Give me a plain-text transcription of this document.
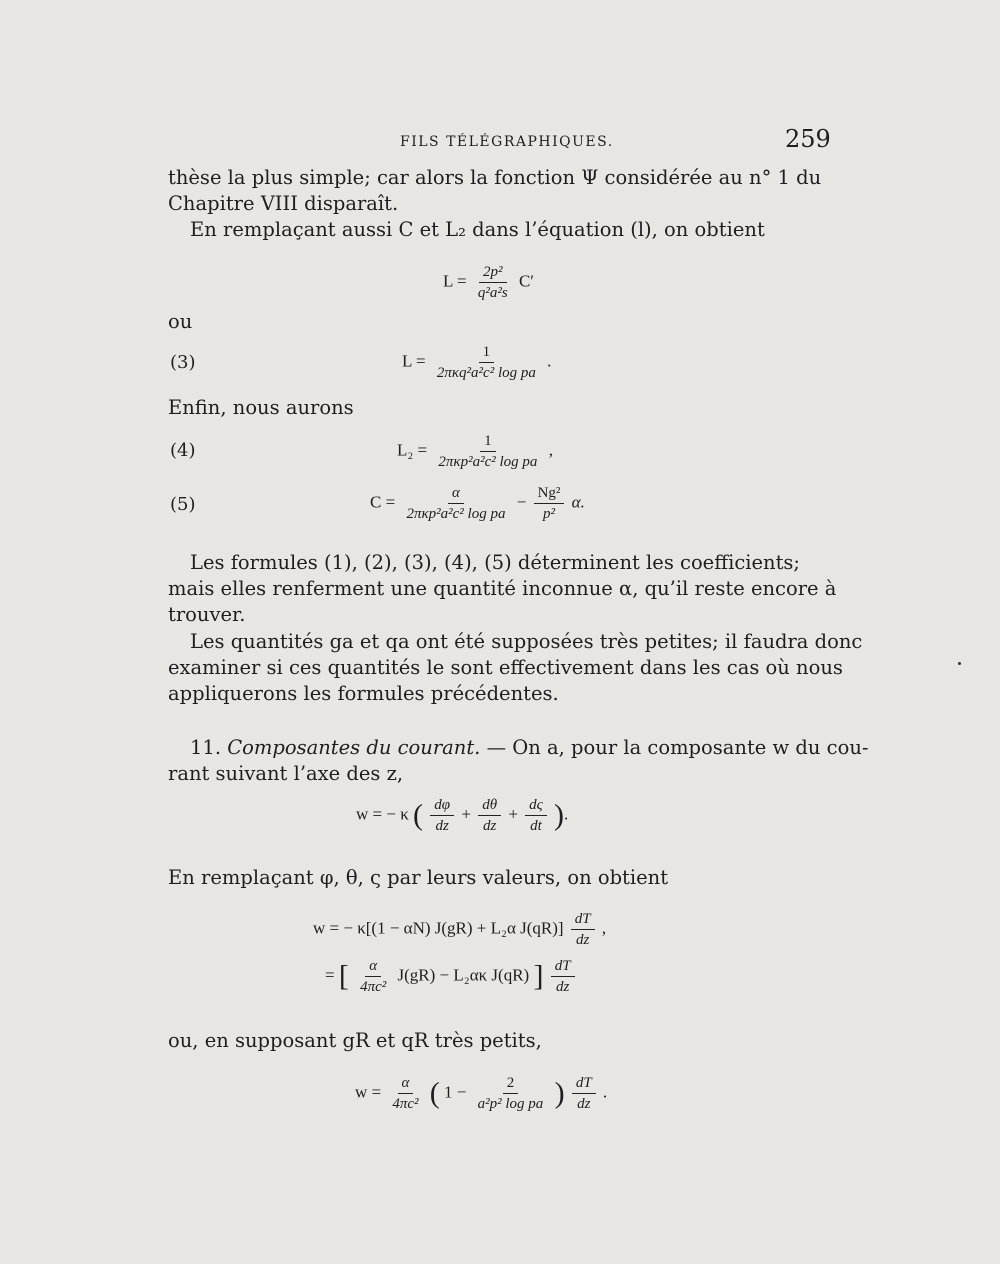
FILS TÉLÉGRAPHIQUES.	259
thèse la plus simple; car alors la fonction Ψ considérée au n° 1 du
Chapitre VIII disparaît.
En remplaçant aussi C et L₂ dans l’équation (l), on obtient
$L = \frac{\text{2p²}}{\text{q²a²s}} C'$
ou
(3)	$L = \frac{1}{\text{2πκq²a²c² log pa}}$ .
Enfin, nous aurons
(4)	$L_2 = \frac{1}{\text{2πκp²a²c² log pa}}$ ,
(5)	$C = \frac{\alpha}{\text{2πκp²a²c² log pa}} - \frac{\text{Ng²}}{\text{p²}} \alpha$.
Les formules (1), (2), (3), (4), (5) déterminent les coefficients;
mais elles renferment une quantité inconnue α, qu’il reste encore à
trouver.
Les quantités ga et qa ont été supposées très petites; il faudra donc
examiner si ces quantités le sont effectivement dans les cas où nous
appliquerons les formules précédentes.
11. Composantes du courant. — On a, pour la composante w du cou-
rant suivant l’axe des z,
w = − κ ( $\frac{d\varphi}{dz} + \frac{d\theta}{dz} + \frac{d\varsigma}{dt}$ ).
En remplaçant φ, θ, ς par leurs valeurs, on obtient
w = − κ[(1 − αN) J(gR) + L₂α $J(qR)] \frac{dT}{dz}$ ,
= [ $\frac{\alpha}{\text{4πc²}} J(gR) - L_2\alpha\kappa$ J(qR) ] $\frac{dT}{dz}$
ou, en supposant gR et qR très petits,
$w = \frac{\alpha}{\text{4πc²}}$ ( $1 - \frac{2}{\text{a²p² log pa}}$ ) $\frac{dT}{dz}$ .
